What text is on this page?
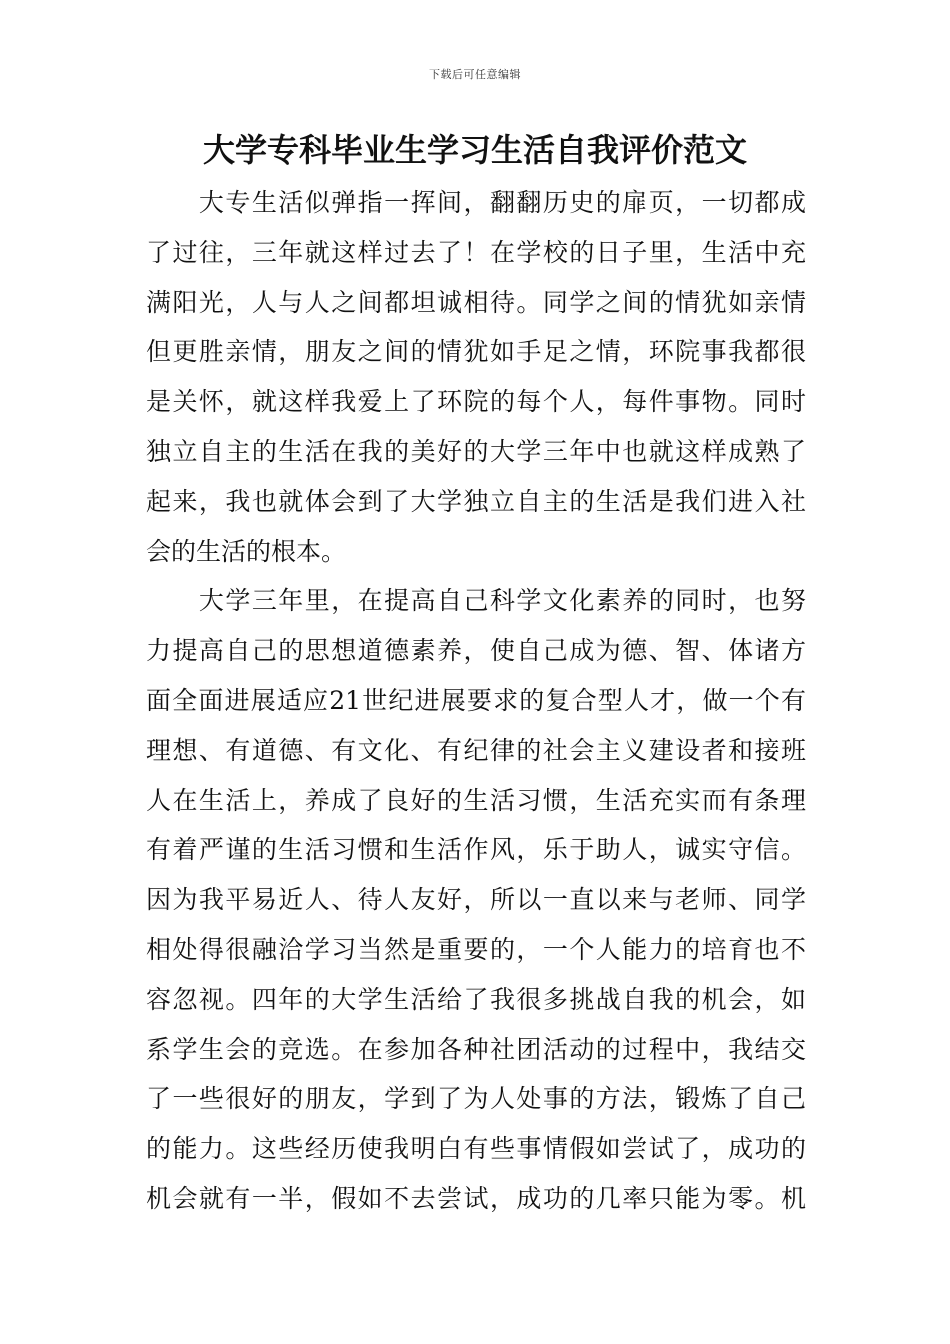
下载后可任意编辑
大学专科毕业生学习生活自我评价范文
　　大专生活似弹指一挥间，翻翻历史的扉页，一切都成
了过往，三年就这样过去了！在学校的日子里，生活中充
满阳光，人与人之间都坦诚相待。同学之间的情犹如亲情
但更胜亲情，朋友之间的情犹如手足之情，环院事我都很
是关怀，就这样我爱上了环院的每个人，每件事物。同时
独立自主的生活在我的美好的大学三年中也就这样成熟了
起来，我也就体会到了大学独立自主的生活是我们进入社
会的生活的根本。
　　大学三年里，在提高自己科学文化素养的同时，也努
力提高自己的思想道德素养，使自己成为德、智、体诸方
面全面进展适应21世纪进展要求的复合型人才，做一个有
理想、有道德、有文化、有纪律的社会主义建设者和接班
人在生活上，养成了良好的生活习惯，生活充实而有条理
有着严谨的生活习惯和生活作风，乐于助人，诚实守信。
因为我平易近人、待人友好，所以一直以来与老师、同学
相处得很融洽学习当然是重要的，一个人能力的培育也不
容忽视。四年的大学生活给了我很多挑战自我的机会，如
系学生会的竞选。在参加各种社团活动的过程中，我结交
了一些很好的朋友，学到了为人处事的方法，锻炼了自己
的能力。这些经历使我明白有些事情假如尝试了，成功的
机会就有一半，假如不去尝试，成功的几率只能为零。机
